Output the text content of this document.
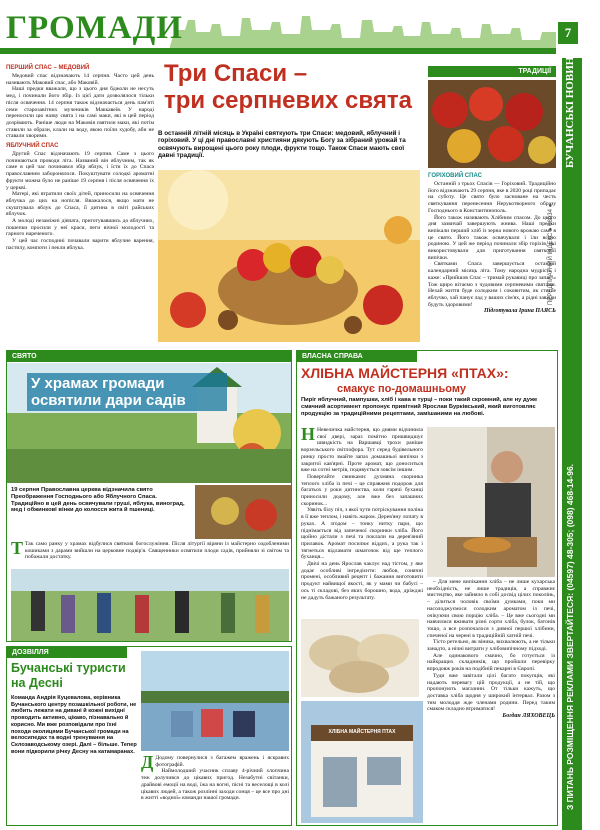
ГРОМАДИ	7
БУЧАНСЬКІ НОВИНИ
ПЕРЕДПЛАТНИЙ ІНДЕКС ● 08034 ●
З ПИТАНЬ РОЗМІЩЕННЯ РЕКЛАМИ ЗВЕРТАЙТЕСЯ: (04597) 48-305; (098) 468-14-96.
ПЕРШИЙ СПАС – МЕДОВИЙ

Медовий спас відзначають 14 серпня. Часто цей день називають Маковий спас, або Маковій.

Наші предки вважали, що з цього дня бджоли не несуть мед, і починали його збір. Із цієї дати дозволялося тільки після освячення. 14 серпня також відзначається день пам'яті семи старозавітних мучеників Маккавеїв. У народі переносили цю назву свята і на самі маки, які в цей період дозрівають. Раніше люди на Маковія святили маки, які потім ставили за образи, клали на воду, якою поїли худобу, аби не ставали хворими.

ЯБЛУЧНИЙ СПАС

Другий Спас відзначають 19 серпня. Саме з цього починаються проводи літа. Названий він яблучним, так як саме в цей час починався збір яблук, і їсти їх до Спаса православним заборонялося. Покуштувати солодкі ароматні фрукти можна було не раніше 19 серпня і після освячення їх у церкві.

Матері, які втратили своїх дітей, приносили на освячення яблучка до цих на нопісля. Вважалося, якщо мати не скуштувала яблук до Спаса, її дитина в світі райських яблучок.

А молоді незаміжні дівчата, приготувавшись до яблучних, пошепки просили у неї краси, пеги вічної молодості та гарного нареченого.

У цей час господині почавали варити яблучне варення, пастилу, компоти і пекли яблука.

Три Спаси –
три серпневих свята
В останній літній місяць в Україні святкують три Спаси: медовий, яблучний і горіховий. У ці дні православні християни дякують Богу за зібраний урожай та освячують вирощені цього року плоди, фрукти тощо. Також Спаси мають свої давні традиції.
ТРАДИЦІЇ
ГОРІХОВИЙ СПАС

Останній з трьох Спасів — Горіховий. Традиційно його відзначають 29 серпня, яке в 2020 році припадає на суботу. Це свято було засноване на честь святкування перенесення Нерукотворного образу Господнього в Константинополь.

Його також називають Хлібним спасом. До цього дня зазвичай завершують жнива. Наші предки випікали перший хліб із зерна нового врожаю саме в це свято. Його також освячували і їли всією родиною. У цей же період починали збір горіхів, які використовували для приготування святкової випічки.

Святками Спаса завершується останній календарний місяць літа. Тому народна мудрість і каже: «Прийшов Спас – тримай рукавиці про запас!» Тож щиро вітаємо з чудовими серпневими святами. Нехай життя буде солодким і соковитим, як стигле яблучко, хай панує лад у ваших сім'ях, а рідні завжди будуть здоровими!

Підготувала Ірина ПАЯСЬ
СВЯТО
У храмах громади освятили дари садів
19 серпня Православна церква відзначила свято Преображення Господнього або Яблучного Спаса. Традиційно в цей день освячували груші, яблука, виноград, мед і обжинкові вінки до колосся жита й пшениці.
Т Так само ранку у храмах відбулися святкові богослужіння. Після літургії віряни із майстерно оздобленими кошиками з дарами вийшли на церковне подвір'я. Священники освятили плоди садів, прийняли зі світом та побажали достатку.
ДОЗВІЛЛЯ
Бучанські туристи на Десні
Команда Андрія Куцевалова, керівника Бучанського центру позашкільної роботи, не любить лежати на дивані й кожні вихідні проводить активно, цікаво, пізнавально й корисно. Ми вже розповідали про їхні походи околицями Бучанської громади на велосипедах та водні тренування на Склозаводському озері. Далі – більше. Тепер вони підкорили річку Десну на катамаранах.

Д Додому повернулися з багажем вражень і яскравих фотографій.

Наймолодший учасник сплаву 4-річний хлопчина теж долучився до цікавих пригод. Незабутні світанки, драйвові емоції на воді, їжа на вогні, пісні та веселощі в колі цікавих людей, а також розлінні заходи сонця – це все про дні в житті «водної» команди нашої громади.

ВЛАСНА СПРАВА
ХЛІБНА МАЙСТЕРНЯ «ПТАХ»:
смакує по-домашньому
Пиріг яблучний, пампушки, хліб і кава в турці – поки такий скромний, але ну дуже смачний асортимент пропонує привітний Ярослав Бурківський, який виготовляє продукцію за традиційними рецептами, замішаними на любові.

Н Невеличка майстерня, що днями відчинила свої двері, зараз помітно пришвидшує швидкість на Варшавці трохи раніше ворзельського світлофора. Тут серед будівельного ринку просто змайте запах домашньої випічки з закритої кав'ярні. Проте аромат, що доноситься вже на сотні метрів, подивується зовсім іншим.

Повертайте свинками: духмяна скоринка теплого хліба із печі – це справжня подорож для багатьох у роки дитинства, коли гарячі буханці приносили додому, але вже без запашних скоринок...

Уявіть білу піч, з якої чути потріскування поліна в її вже теплом, і навіть жаром. Дерев'яну лопату в руках. А згодом – тонку нитку пари, що піднімається від запеченої скоринки хліба. Його щойно дістали з печі та поклали на дерев'яний прилавок. Аромат посилює віддих, а рука так і тягнеться відламати шматочок від ще теплого буханця...

Двічі на день Ярослав чаклує над тістом, у яке додає особливі інгредієнти: любов, сонячні промені, особливий рецепт і бажання виготовити продукт найвищої якості, як у мами чи бабусі – ось ті складові, без яких борошно, вода, дріжджі не дадуть бажаного результату.

– Для мене випікання хліба – не лише кухарська необхідність, не лише традиція, а справжнє мистецтво, яке зайняло в собі досвід цілих поколінь, – ділиться чоловік своїми думками, поки ми насолоджуємося солодким ароматом із печі, очікуючи свою порцію хліба. – Це вже сьогодні ми навчилися вживати різні сорти хліба, булок, батонів тощо, а все розпочалося з дивної першої хлібини, спеченої на черені в традиційній хатній печі.

Тісто ретельно, як віника, вихвалюють, а не тільки занадто, а нічні витрати у хлібовипічному підході.

Але одинакового смачно, бо готується із найкращих складників, що пройшли перевірку впродовж років на подібній пекарні в Європі.

Туди вже завітали цілі багато покупців, які надають перевагу цій продукції, а не тій, що пропонують магазини. От тільки кажуть, що доставка хліба щодня у широкий інтервал. Разом з тим молоддя жде членами родини. Перед таким смаком складно втриматися!

Богдан ЛЯХОВЕЦЬ
ХЛІБНА МАЙСТЕРНЯ ПТАХ
